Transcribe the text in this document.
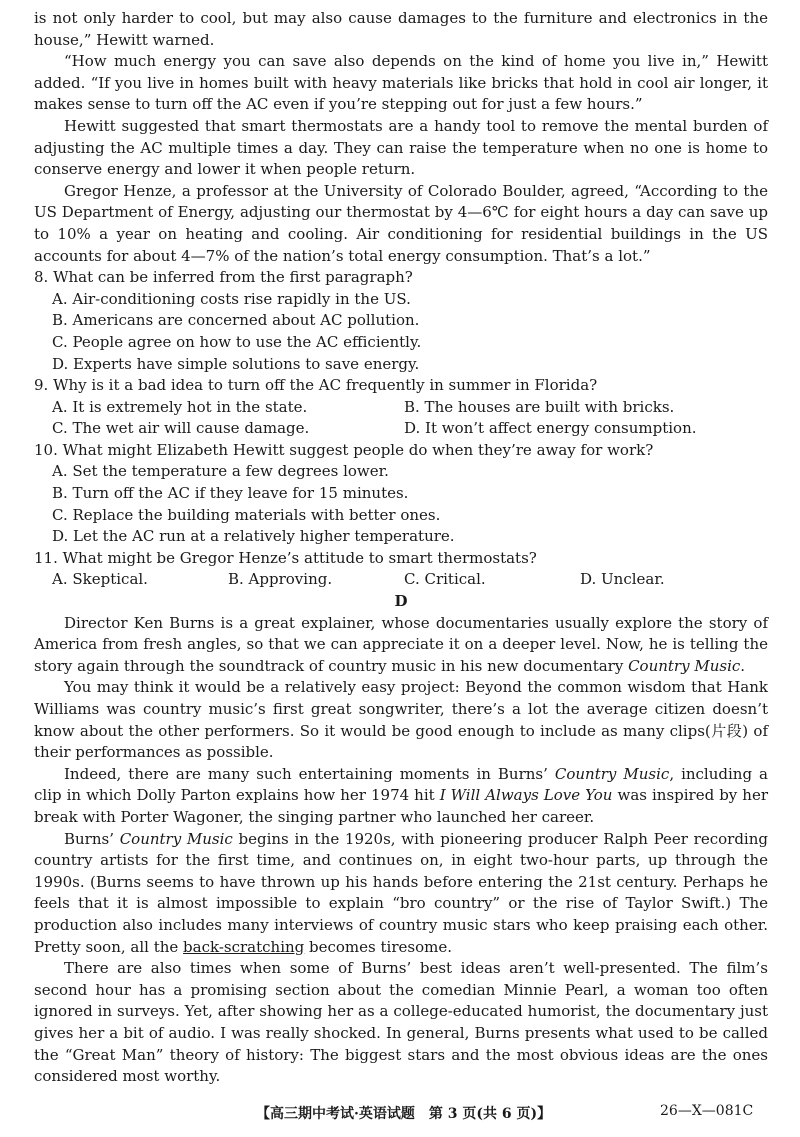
is not only harder to cool, but may also cause damages to the furniture and electronics in the house,” Hewitt warned.

“How much energy you can save also depends on the kind of home you live in,” Hewitt added. “If you live in homes built with heavy materials like bricks that hold in cool air longer, it makes sense to turn off the AC even if you’re stepping out for just a few hours.”

Hewitt suggested that smart thermostats are a handy tool to remove the mental burden of adjusting the AC multiple times a day. They can raise the temperature when no one is home to conserve energy and lower it when people return.

Gregor Henze, a professor at the University of Colorado Boulder, agreed, “According to the US Department of Energy, adjusting our thermostat by 4—6℃ for eight hours a day can save up to 10% a year on heating and cooling. Air conditioning for residential buildings in the US accounts for about 4—7% of the nation’s total energy consumption. That’s a lot.”

8. What can be inferred from the first paragraph?

A. Air-conditioning costs rise rapidly in the US.

B. Americans are concerned about AC pollution.

C. People agree on how to use the AC efficiently.

D. Experts have simple solutions to save energy.

9. Why is it a bad idea to turn off the AC frequently in summer in Florida?

A. It is extremely hot in the state.	B. The houses are built with bricks.
C. The wet air will cause damage.	D. It won’t affect energy consumption.

10. What might Elizabeth Hewitt suggest people do when they’re away for work?

A. Set the temperature a few degrees lower.

B. Turn off the AC if they leave for 15 minutes.

C. Replace the building materials with better ones.

D. Let the AC run at a relatively higher temperature.

11. What might be Gregor Henze’s attitude to smart thermostats?

A. Skeptical.	B. Approving.	C. Critical.	D. Unclear.

D

Director Ken Burns is a great explainer, whose documentaries usually explore the story of America from fresh angles, so that we can appreciate it on a deeper level. Now, he is telling the story again through the soundtrack of country music in his new documentary Country Music.

You may think it would be a relatively easy project: Beyond the common wisdom that Hank Williams was country music’s first great songwriter, there’s a lot the average citizen doesn’t know about the other performers. So it would be good enough to include as many clips(片段) of their performances as possible.

Indeed, there are many such entertaining moments in Burns’ Country Music, including a clip in which Dolly Parton explains how her 1974 hit I Will Always Love You was inspired by her break with Porter Wagoner, the singing partner who launched her career.

Burns’ Country Music begins in the 1920s, with pioneering producer Ralph Peer recording country artists for the first time, and continues on, in eight two-hour parts, up through the 1990s. (Burns seems to have thrown up his hands before entering the 21st century. Perhaps he feels that it is almost impossible to explain “bro country” or the rise of Taylor Swift.) The production also includes many interviews of country music stars who keep praising each other. Pretty soon, all the back-scratching becomes tiresome.

There are also times when some of Burns’ best ideas aren’t well-presented. The film’s second hour has a promising section about the comedian Minnie Pearl, a woman too often ignored in surveys. Yet, after showing her as a college-educated humorist, the documentary just gives her a bit of audio. I was really shocked. In general, Burns presents what used to be called the “Great Man” theory of history: The biggest stars and the most obvious ideas are the ones considered most worthy.

【高三期中考试·英语试题　第 3 页(共 6 页)】	26—X—081C
